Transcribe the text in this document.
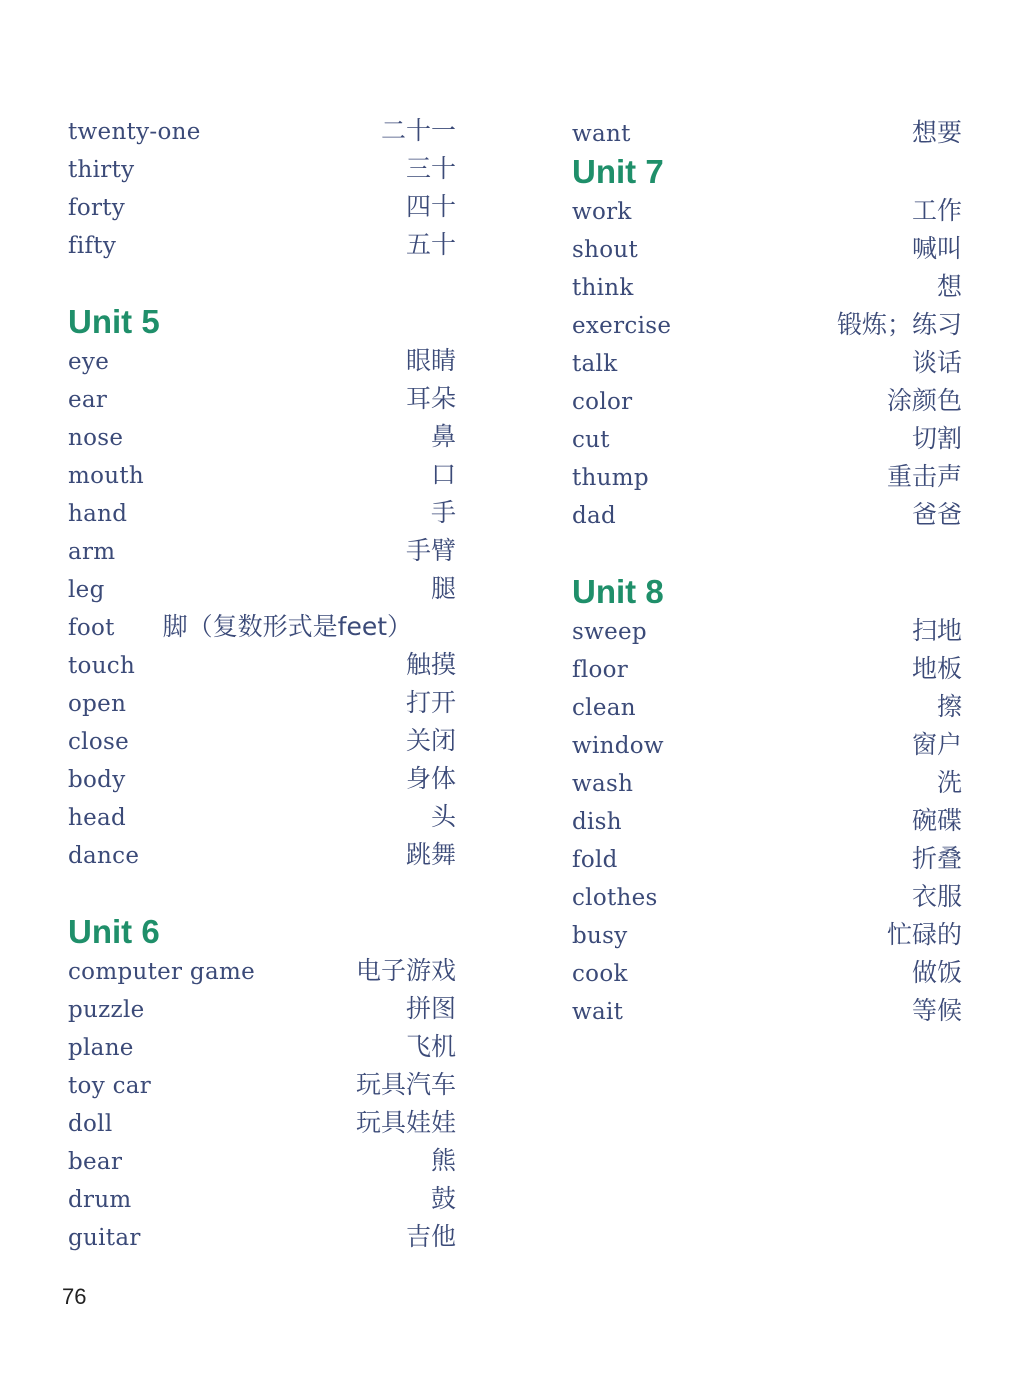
twenty-one	二十一
thirty	三十
forty	四十
fifty	五十
Unit 5
eye	眼睛
ear	耳朵
nose	鼻
mouth	口
hand	手
arm	手臂
leg	腿
foot 脚（复数形式是feet）
touch	触摸
open	打开
close	关闭
body	身体
head	头
dance	跳舞
Unit 6
computer game	电子游戏
puzzle	拼图
plane	飞机
toy car	玩具汽车
doll	玩具娃娃
bear	熊
drum	鼓
guitar	吉他
want	想要
Unit 7
work	工作
shout	喊叫
think	想
exercise	锻炼；练习
talk	谈话
color	涂颜色
cut	切割
thump	重击声
dad	爸爸
Unit 8
sweep	扫地
floor	地板
clean	擦
window	窗户
wash	洗
dish	碗碟
fold	折叠
clothes	衣服
busy	忙碌的
cook	做饭
wait	等候
76
